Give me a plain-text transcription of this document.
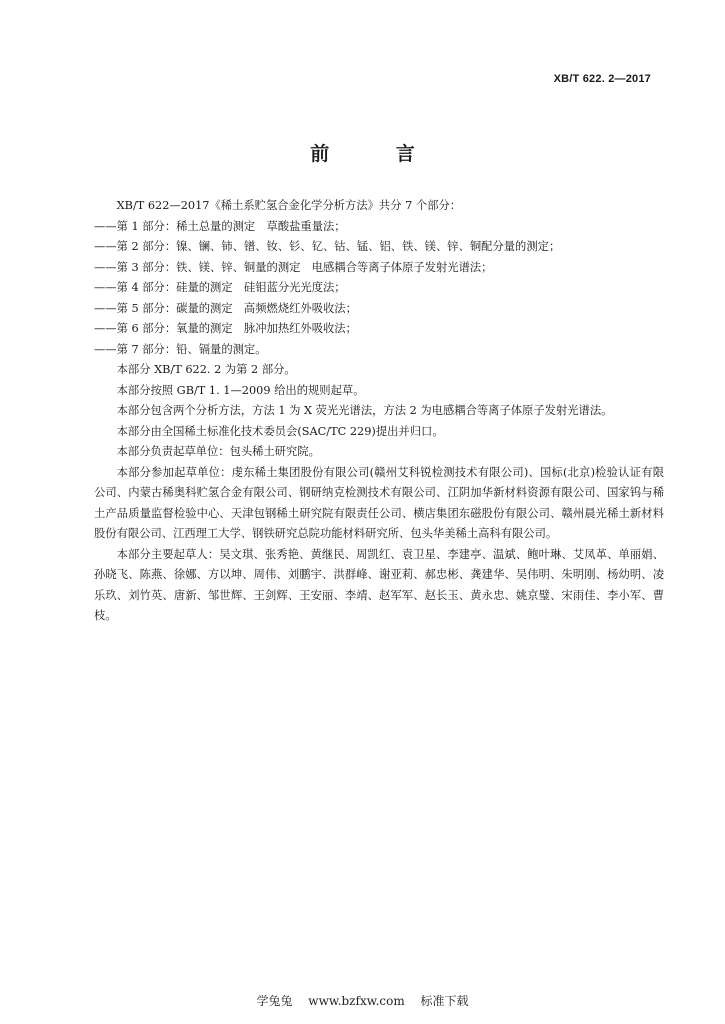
XB/T 622. 2—2017
前 言

XB/T 622—2017《稀土系贮氢合金化学分析方法》共分 7 个部分：

——第 1 部分：稀土总量的测定　草酸盐重量法；

——第 2 部分：镍、镧、铈、镨、钕、钐、钇、钴、锰、铝、铁、镁、锌、铜配分量的测定；

——第 3 部分：铁、镁、锌、铜量的测定　电感耦合等离子体原子发射光谱法；

——第 4 部分：硅量的测定　硅钼蓝分光光度法；

——第 5 部分：碳量的测定　高频燃烧红外吸收法；

——第 6 部分：氧量的测定　脉冲加热红外吸收法；

——第 7 部分：铅、镉量的测定。

本部分 XB/T 622. 2 为第 2 部分。

本部分按照 GB/T 1. 1—2009 给出的规则起草。

本部分包含两个分析方法，方法 1 为 X 荧光光谱法，方法 2 为电感耦合等离子体原子发射光谱法。

本部分由全国稀土标准化技术委员会(SAC/TC 229)提出并归口。

本部分负责起草单位：包头稀土研究院。

本部分参加起草单位：虔东稀土集团股份有限公司(赣州艾科锐检测技术有限公司)、国标(北京)检验认证有限公司、内蒙古稀奥科贮氢合金有限公司、钢研纳克检测技术有限公司、江阴加华新材料资源有限公司、国家钨与稀土产品质量监督检验中心、天津包钢稀土研究院有限责任公司、横店集团东磁股份有限公司、赣州晨光稀土新材料股份有限公司、江西理工大学、钢铁研究总院功能材料研究所、包头华美稀土高科有限公司。

本部分主要起草人：吴文琪、张秀艳、黄继民、周凯红、袁卫星、李建亭、温斌、鲍叶琳、艾凤革、单丽娟、孙晓飞、陈燕、徐娜、方以坤、周伟、刘鹏宇、洪群峰、谢亚莉、郝忠彬、龚建华、吴伟明、朱明刚、杨幼明、凌乐玖、刘竹英、唐新、邹世辉、王剑辉、王安丽、李靖、赵军军、赵长玉、黄永忠、姚京璧、宋雨佳、李小军、曹枝。

学兔兔 www.bzfxw.com 标准下载
